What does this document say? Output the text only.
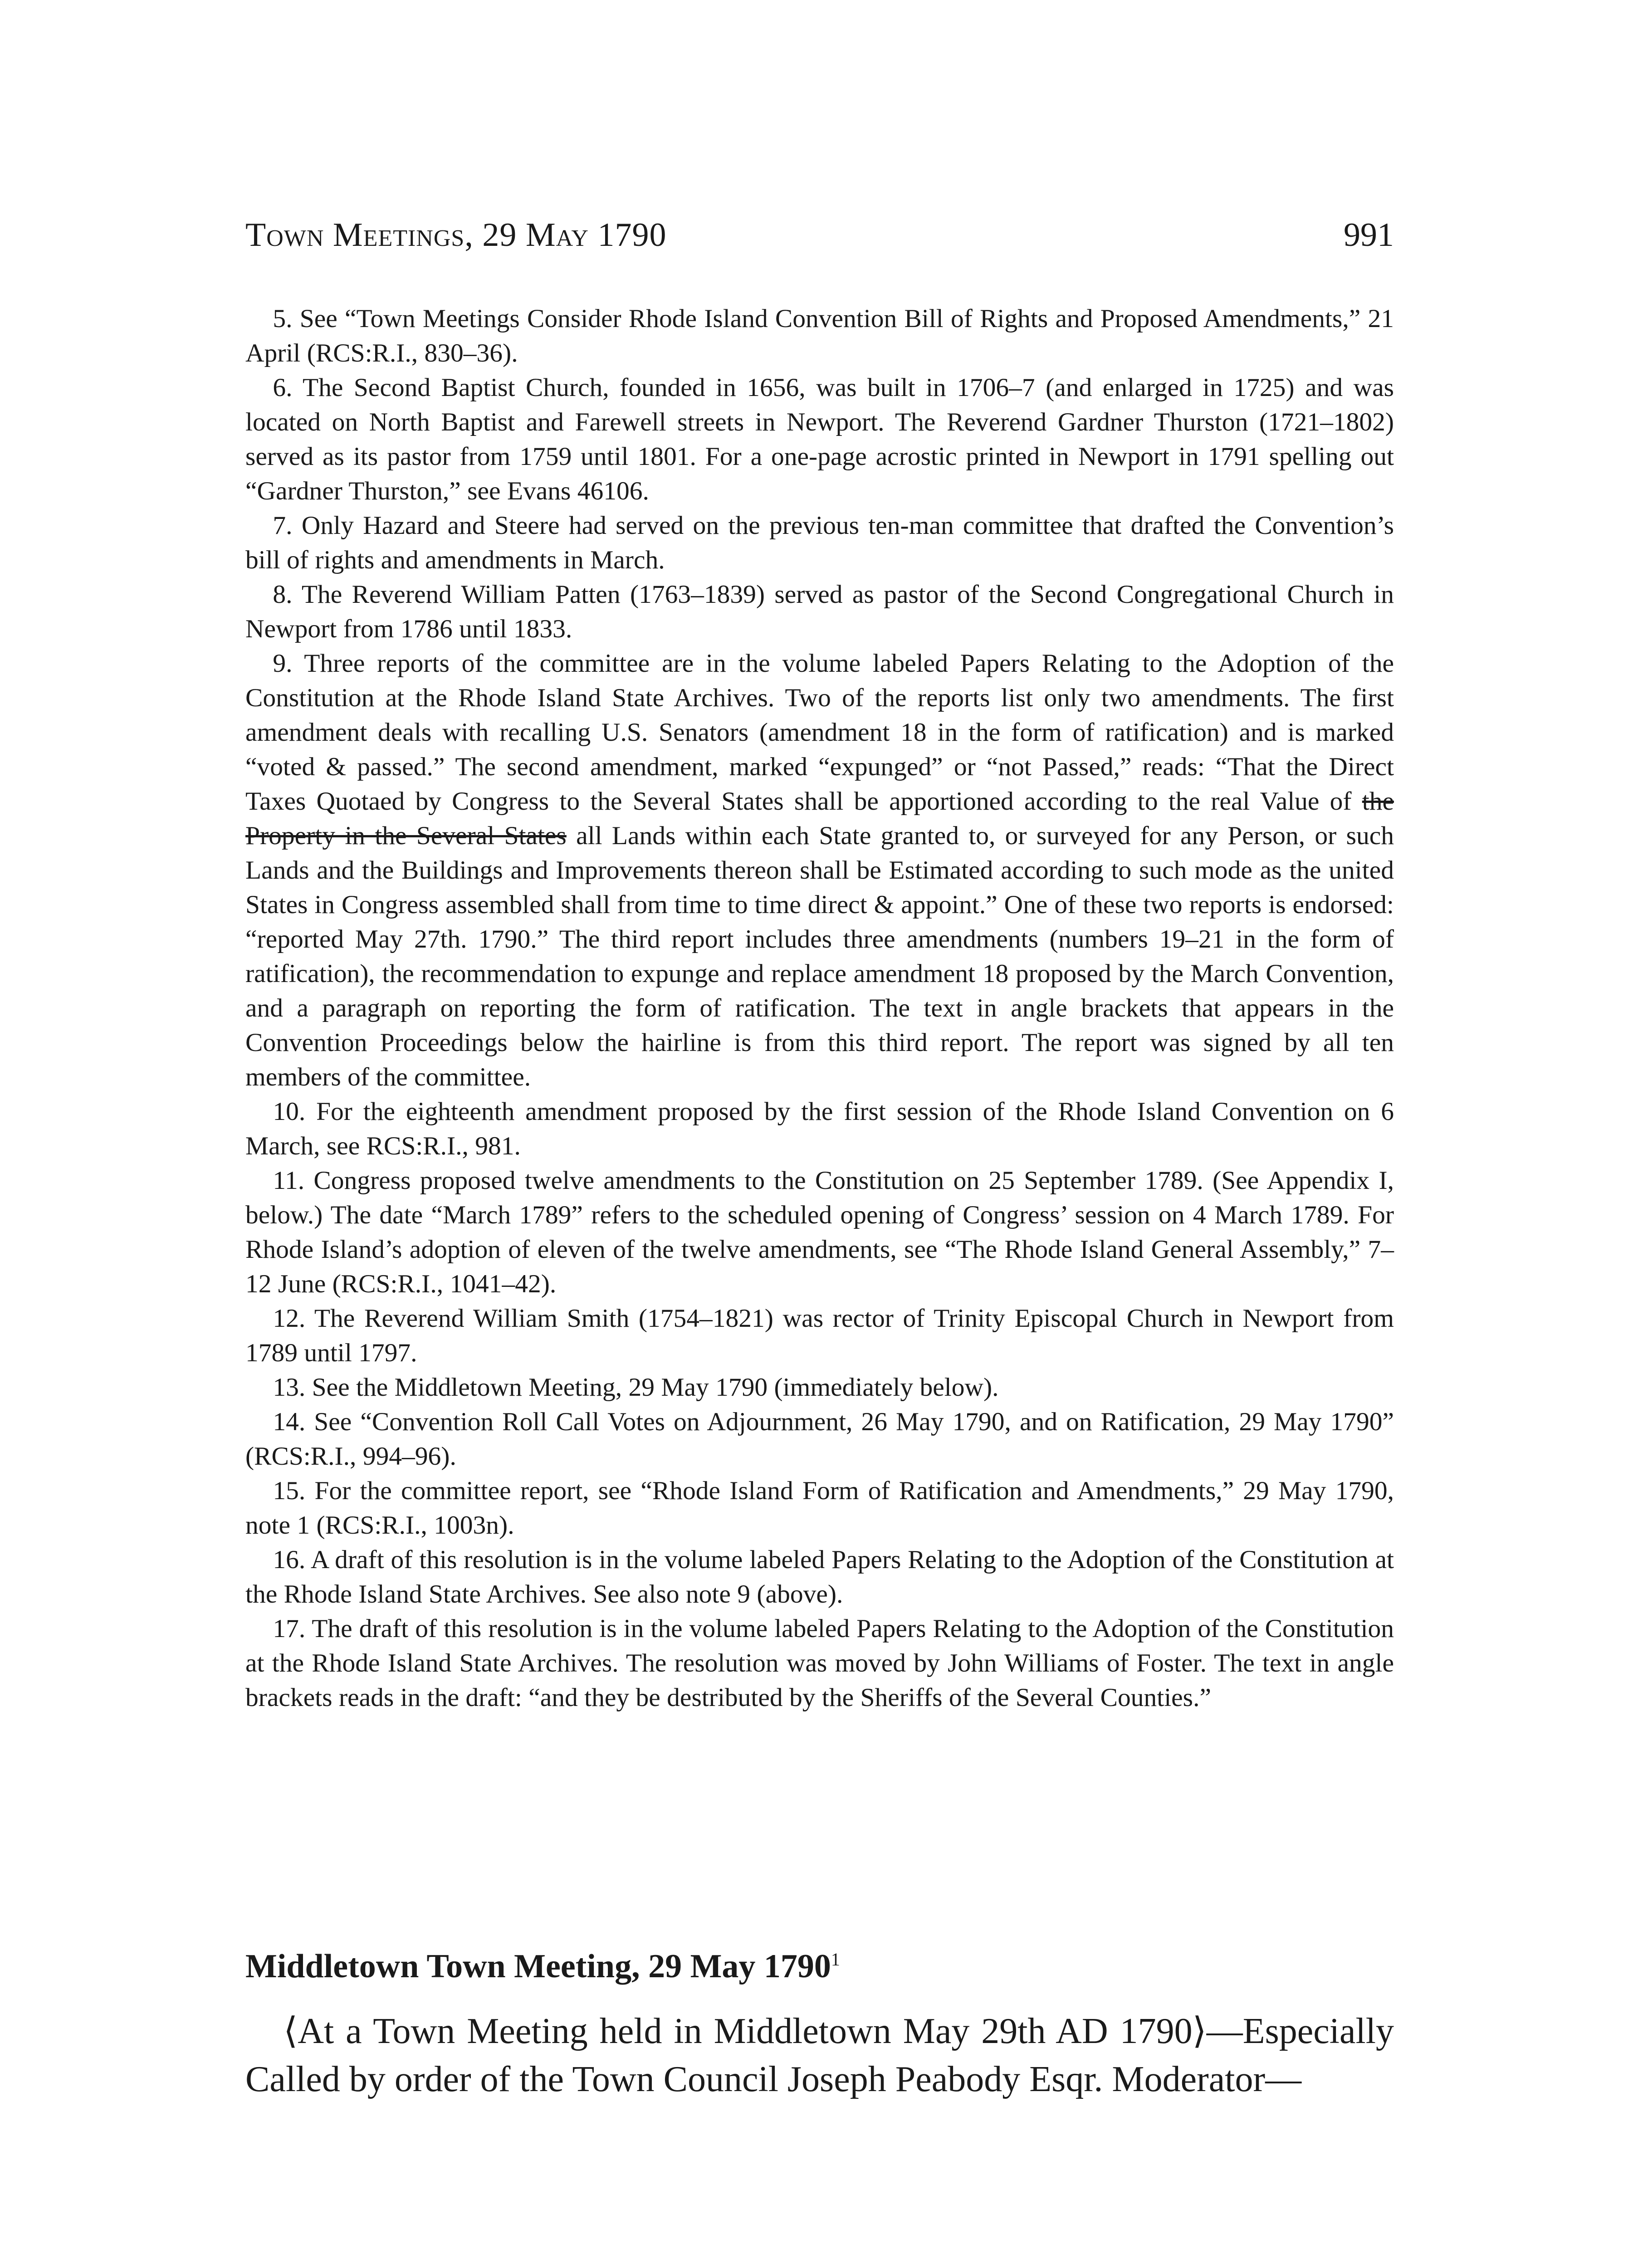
Town Meetings, 29 May 1790	991

5. See “Town Meetings Consider Rhode Island Convention Bill of Rights and Proposed Amendments,” 21 April (RCS:R.I., 830–36).

6. The Second Baptist Church, founded in 1656, was built in 1706–7 (and enlarged in 1725) and was located on North Baptist and Farewell streets in Newport. The Reverend Gardner Thurston (1721–1802) served as its pastor from 1759 until 1801. For a one-page acrostic printed in Newport in 1791 spelling out “Gardner Thurston,” see Evans 46106.

7. Only Hazard and Steere had served on the previous ten-man committee that drafted the Convention’s bill of rights and amendments in March.

8. The Reverend William Patten (1763–1839) served as pastor of the Second Congregational Church in Newport from 1786 until 1833.

9. Three reports of the committee are in the volume labeled Papers Relating to the Adoption of the Constitution at the Rhode Island State Archives. Two of the reports list only two amendments. The first amendment deals with recalling U.S. Senators (amendment 18 in the form of ratification) and is marked “voted & passed.” The second amendment, marked “expunged” or “not Passed,” reads: “That the Direct Taxes Quotaed by Congress to the Several States shall be apportioned according to the real Value of the Property in the Several States all Lands within each State granted to, or surveyed for any Person, or such Lands and the Buildings and Improvements thereon shall be Estimated according to such mode as the united States in Congress assembled shall from time to time direct & appoint.” One of these two reports is endorsed: “reported May 27th. 1790.” The third report includes three amendments (numbers 19–21 in the form of ratification), the recommendation to expunge and replace amendment 18 proposed by the March Convention, and a paragraph on reporting the form of ratification. The text in angle brackets that appears in the Convention Proceedings below the hairline is from this third report. The report was signed by all ten members of the committee.

10. For the eighteenth amendment proposed by the first session of the Rhode Island Convention on 6 March, see RCS:R.I., 981.

11. Congress proposed twelve amendments to the Constitution on 25 September 1789. (See Appendix I, below.) The date “March 1789” refers to the scheduled opening of Congress’ session on 4 March 1789. For Rhode Island’s adoption of eleven of the twelve amendments, see “The Rhode Island General Assembly,” 7–12 June (RCS:R.I., 1041–42).

12. The Reverend William Smith (1754–1821) was rector of Trinity Episcopal Church in Newport from 1789 until 1797.

13. See the Middletown Meeting, 29 May 1790 (immediately below).

14. See “Convention Roll Call Votes on Adjournment, 26 May 1790, and on Ratification, 29 May 1790” (RCS:R.I., 994–96).

15. For the committee report, see “Rhode Island Form of Ratification and Amendments,” 29 May 1790, note 1 (RCS:R.I., 1003n).

16. A draft of this resolution is in the volume labeled Papers Relating to the Adoption of the Constitution at the Rhode Island State Archives. See also note 9 (above).

17. The draft of this resolution is in the volume labeled Papers Relating to the Adoption of the Constitution at the Rhode Island State Archives. The resolution was moved by John Williams of Foster. The text in angle brackets reads in the draft: “and they be destributed by the Sheriffs of the Several Counties.”

Middletown Town Meeting, 29 May 1790$^1$

⟨At a Town Meeting held in Middletown May 29th AD 1790⟩—Especially Called by order of the Town Council Joseph Peabody Esqr. Moderator—
